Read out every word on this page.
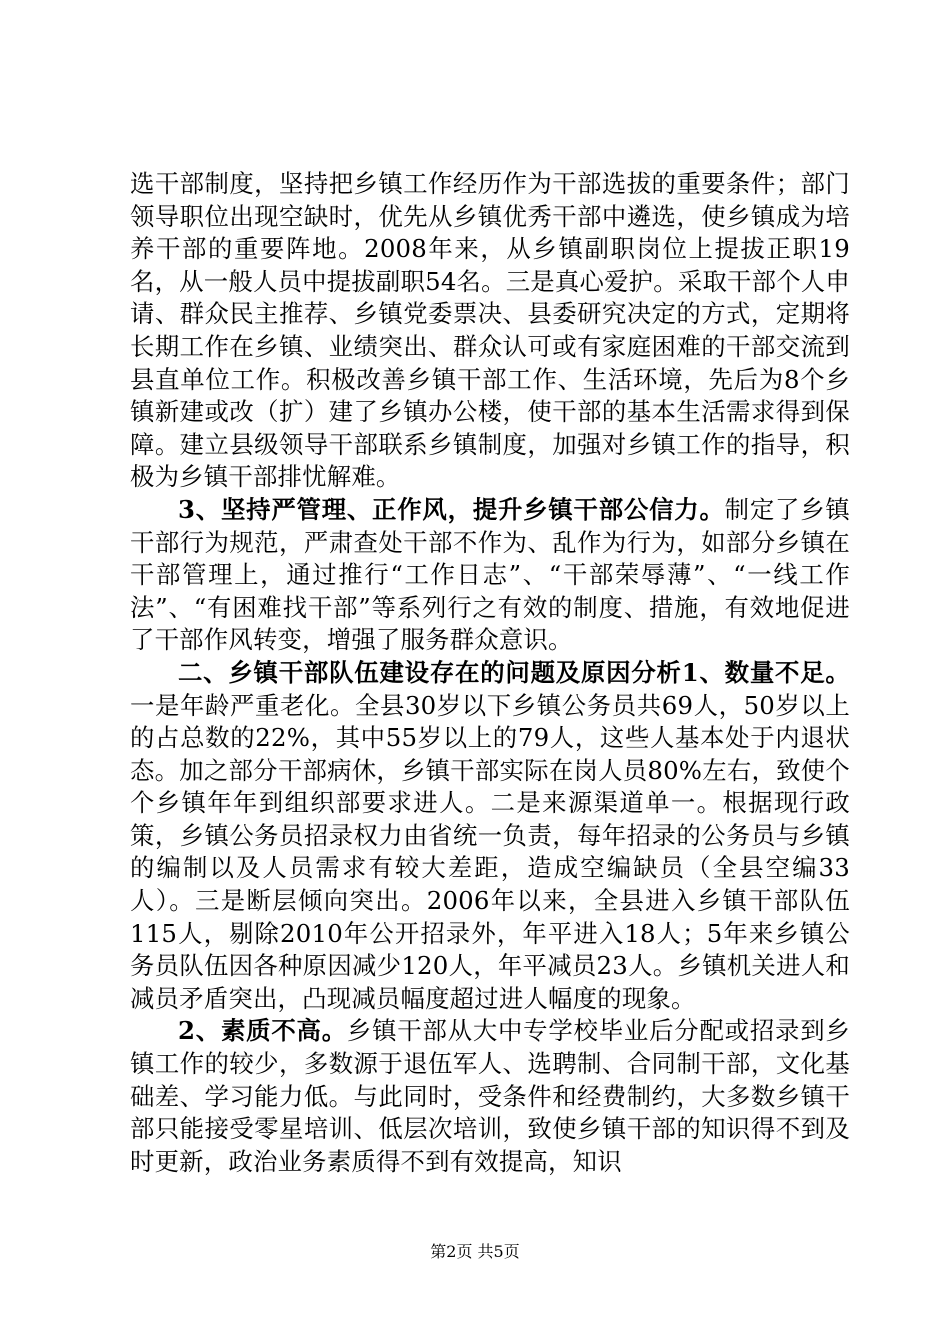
选干部制度，坚持把乡镇工作经历作为干部选拔的重要条件；部门领导职位出现空缺时，优先从乡镇优秀干部中遴选，使乡镇成为培养干部的重要阵地。2008年来，从乡镇副职岗位上提拔正职19名，从一般人员中提拔副职54名。三是真心爱护。采取干部个人申请、群众民主推荐、乡镇党委票决、县委研究决定的方式，定期将长期工作在乡镇、业绩突出、群众认可或有家庭困难的干部交流到县直单位工作。积极改善乡镇干部工作、生活环境，先后为8个乡镇新建或改（扩）建了乡镇办公楼，使干部的基本生活需求得到保障。建立县级领导干部联系乡镇制度，加强对乡镇工作的指导，积极为乡镇干部排忧解难。

3、坚持严管理、正作风，提升乡镇干部公信力。制定了乡镇干部行为规范，严肃查处干部不作为、乱作为行为，如部分乡镇在干部管理上，通过推行“工作日志”、“干部荣辱薄”、“一线工作法”、“有困难找干部”等系列行之有效的制度、措施，有效地促进了干部作风转变，增强了服务群众意识。

二、乡镇干部队伍建设存在的问题及原因分析1、数量不足。一是年龄严重老化。全县30岁以下乡镇公务员共69人，50岁以上的占总数的22%，其中55岁以上的79人，这些人基本处于内退状态。加之部分干部病休，乡镇干部实际在岗人员80%左右，致使个个乡镇年年到组织部要求进人。二是来源渠道单一。根据现行政策，乡镇公务员招录权力由省统一负责，每年招录的公务员与乡镇的编制以及人员需求有较大差距，造成空编缺员（全县空编33人）。三是断层倾向突出。2006年以来，全县进入乡镇干部队伍115人，剔除2010年公开招录外，年平进入18人；5年来乡镇公务员队伍因各种原因减少120人，年平减员23人。乡镇机关进人和减员矛盾突出，凸现减员幅度超过进人幅度的现象。

2、素质不高。乡镇干部从大中专学校毕业后分配或招录到乡镇工作的较少，多数源于退伍军人、选聘制、合同制干部，文化基础差、学习能力低。与此同时，受条件和经费制约，大多数乡镇干部只能接受零星培训、低层次培训，致使乡镇干部的知识得不到及时更新，政治业务素质得不到有效提高，知识

第2页 共5页
